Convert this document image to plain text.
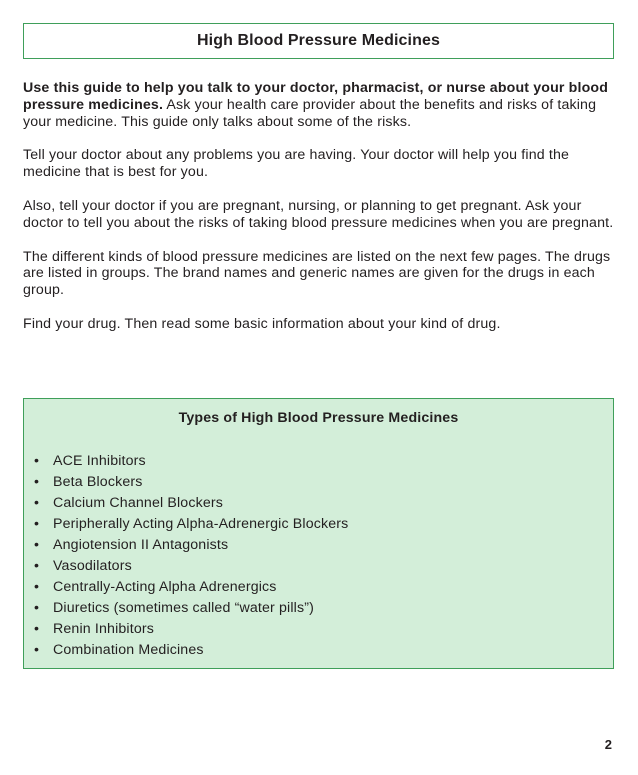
High Blood Pressure Medicines

Use this guide to help you talk to your doctor, pharmacist, or nurse about your blood pressure medicines. Ask your health care provider about the benefits and risks of taking your medicine. This guide only talks about some of the risks.

Tell your doctor about any problems you are having. Your doctor will help you find the medicine that is best for you.

Also, tell your doctor if you are pregnant, nursing, or planning to get pregnant. Ask your doctor to tell you about the risks of taking blood pressure medicines when you are pregnant.

The different kinds of blood pressure medicines are listed on the next few pages. The drugs are listed in groups. The brand names and generic names are given for the drugs in each group.

Find your drug. Then read some basic information about your kind of drug.

Types of High Blood Pressure Medicines
• ACE Inhibitors
• Beta Blockers
• Calcium Channel Blockers
• Peripherally Acting Alpha-Adrenergic Blockers
• Angiotension II Antagonists
• Vasodilators
• Centrally-Acting Alpha Adrenergics
• Diuretics (sometimes called “water pills”)
• Renin Inhibitors
• Combination Medicines
2
